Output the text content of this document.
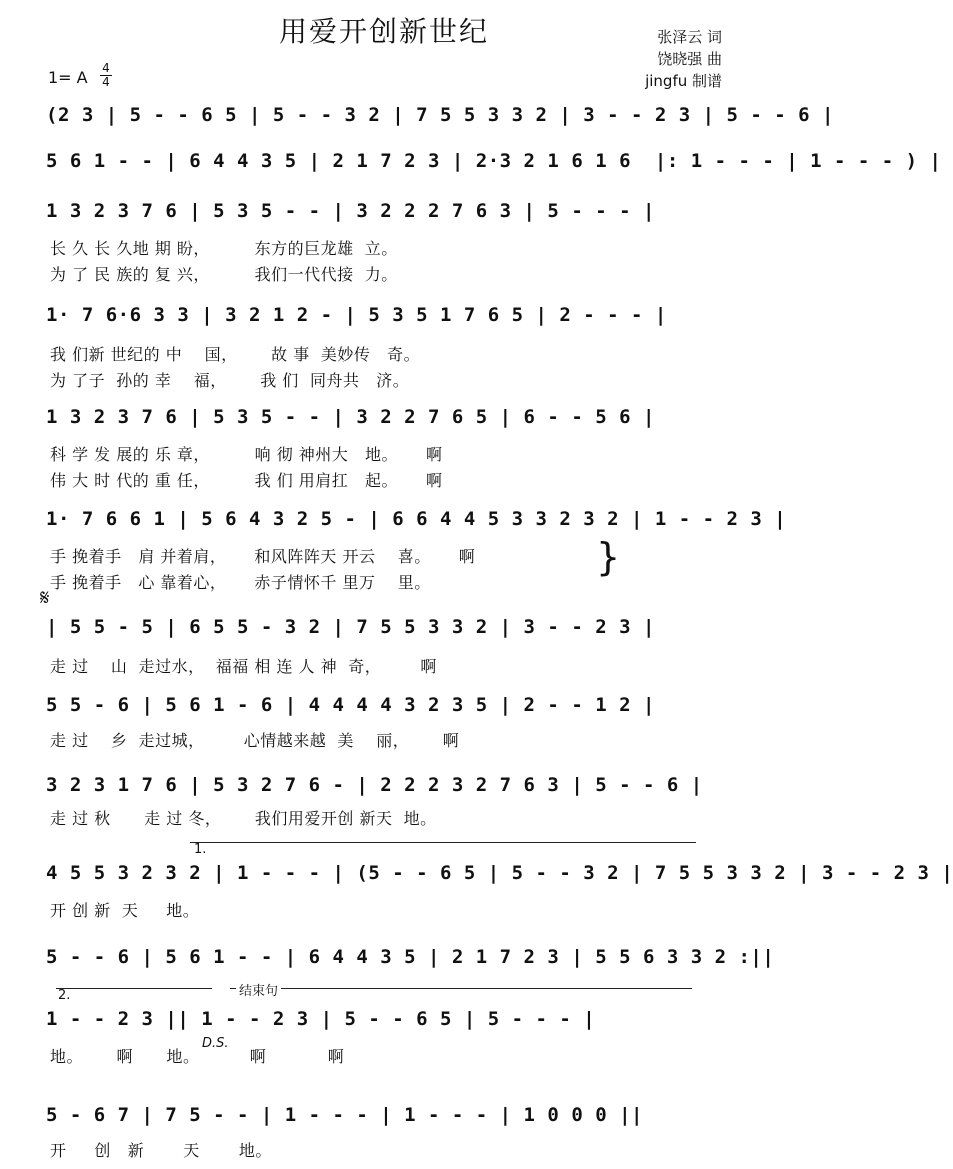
用爱开创新世纪	张泽云 词
饶晓强 曲
jingfu 制谱
1= A 4
4
(2 3 | 5 - - 6 5 | 5 - - 3 2 | 7 5 5 3 3 2 | 3 - - 2 3 | 5 - - 6 |
5 6 1 - - | 6 4 4 3 5 | 2 1 7 2 3 | 2·3 2 1 6 1 6  |: 1 - - - | 1 - - - ) |
1 3 2 3 7 6 | 5 3 5 - - | 3 2 2 2 7 6 3 | 5 - - - |
长 久 长 久地 期 盼，        东方的巨龙雄  立。
为 了 民 族的 复 兴，        我们一代代接  力。
1· 7 6·6 3 3 | 3 2 1 2 - | 5 3 5 1 7 6 5 | 2 - - - |
我 们新 世纪的 中    国，      故 事  美妙传   奇。
为 了子  孙的 幸    福，      我 们  同舟共   济。
1 3 2 3 7 6 | 5 3 5 - - | 3 2 2 7 6 5 | 6 - - 5 6 |
科 学 发 展的 乐 章，        响 彻 神州大   地。     啊
伟 大 时 代的 重 任，        我 们 用肩扛   起。     啊
1· 7 6 6 1 | 5 6 4 3 2 5 - | 6 6 4 4 5 3 3 2 3 2 | 1 - - 2 3 |
手 挽着手   肩 并着肩，     和风阵阵天 开云    喜。     啊
手 挽着手   心 靠着心，     赤子情怀千 里万    里。
}
𝄋
| 5 5 - 5 | 6 5 5 - 3 2 | 7 5 5 3 3 2 | 3 - - 2 3 |
走 过    山  走过水，  福福 相 连 人 神  奇，       啊
5 5 - 6 | 5 6 1 - 6 | 4 4 4 4 3 2 3 5 | 2 - - 1 2 |
走 过    乡  走过城，       心情越来越  美    丽，      啊
3 2 3 1 7 6 | 5 3 2 7 6 - | 2 2 2 3 2 7 6 3 | 5 - - 6 |
走 过 秋      走 过 冬，      我们用爱开创 新天  地。
1.
4 5 5 3 2 3 2 | 1 - - - | (5 - - 6 5 | 5 - - 3 2 | 7 5 5 3 3 2 | 3 - - 2 3 |
开 创 新  天     地。
5 - - 6 | 5 6 1 - - | 6 4 4 3 5 | 2 1 7 2 3 | 5 5 6 3 3 2 :||
2.	结束句
1 - - 2 3 || 1 - - 2 3 | 5 - - 6 5 | 5 - - - |
D.S.
地。      啊      地。         啊           啊
5 - 6 7 | 7 5 - - | 1 - - - | 1 - - - | 1 0 0 0 ||
开     创   新       天       地。
